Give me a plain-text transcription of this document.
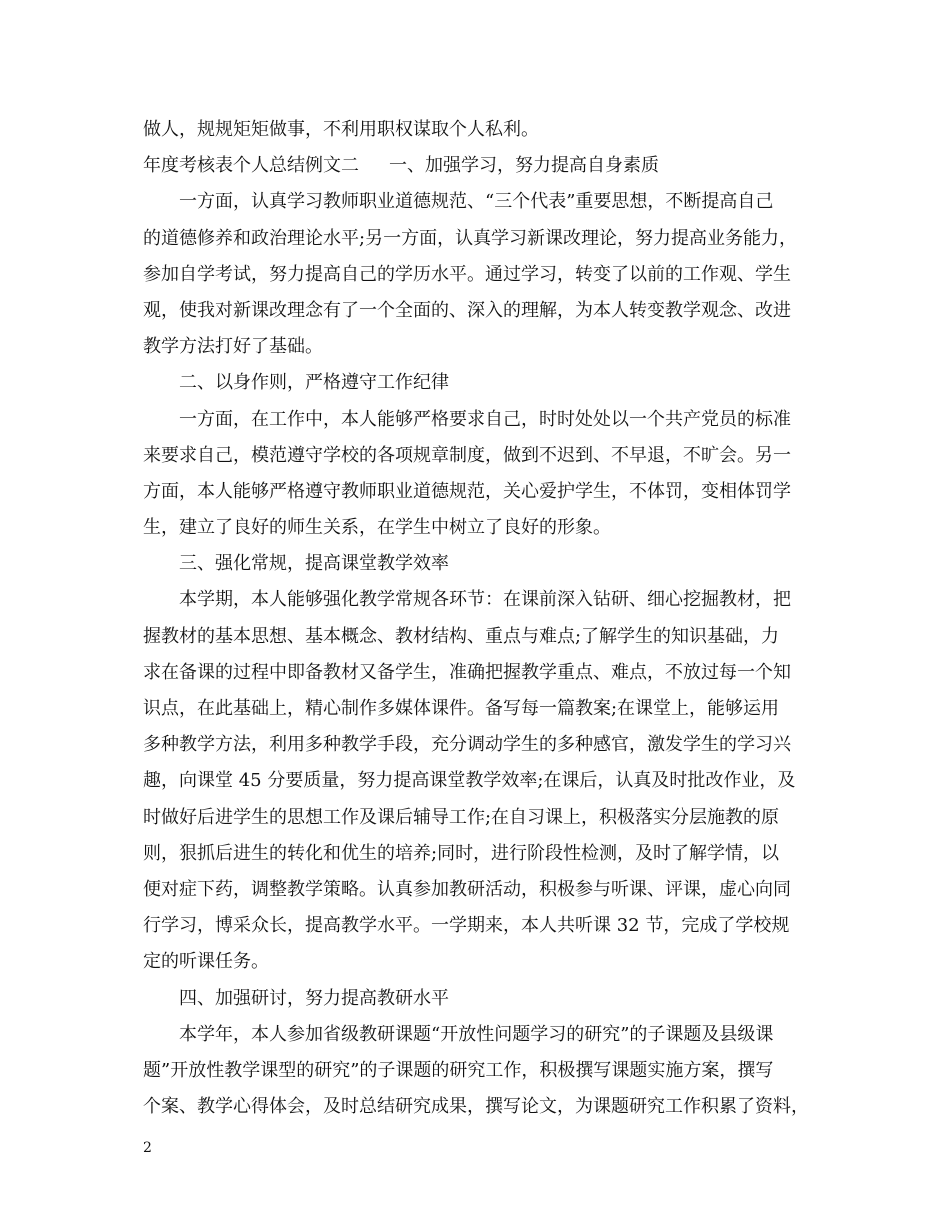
做人，规规矩矩做事，不利用职权谋取个人私利。
年度考核表个人总结例文二 一、加强学习，努力提高自身素质
一方面，认真学习教师职业道德规范、“三个代表”重要思想，不断提高自己
的道德修养和政治理论水平;另一方面，认真学习新课改理论，努力提高业务能力，
参加自学考试，努力提高自己的学历水平。通过学习，转变了以前的工作观、学生
观，使我对新课改理念有了一个全面的、深入的理解，为本人转变教学观念、改进
教学方法打好了基础。
二、以身作则，严格遵守工作纪律
一方面，在工作中，本人能够严格要求自己，时时处处以一个共产党员的标准
来要求自己，模范遵守学校的各项规章制度，做到不迟到、不早退，不旷会。另一
方面，本人能够严格遵守教师职业道德规范，关心爱护学生，不体罚，变相体罚学
生，建立了良好的师生关系，在学生中树立了良好的形象。
三、强化常规，提高课堂教学效率
本学期，本人能够强化教学常规各环节：在课前深入钻研、细心挖掘教材，把
握教材的基本思想、基本概念、教材结构、重点与难点;了解学生的知识基础，力
求在备课的过程中即备教材又备学生，准确把握教学重点、难点，不放过每一个知
识点，在此基础上，精心制作多媒体课件。备写每一篇教案;在课堂上，能够运用
多种教学方法，利用多种教学手段，充分调动学生的多种感官，激发学生的学习兴
趣，向课堂 45 分要质量，努力提高课堂教学效率;在课后，认真及时批改作业，及
时做好后进学生的思想工作及课后辅导工作;在自习课上，积极落实分层施教的原
则，狠抓后进生的转化和优生的培养;同时，进行阶段性检测，及时了解学情，以
便对症下药，调整教学策略。认真参加教研活动，积极参与听课、评课，虚心向同
行学习，博采众长，提高教学水平。一学期来，本人共听课 32 节，完成了学校规
定的听课任务。
四、加强研讨，努力提高教研水平
本学年，本人参加省级教研课题“开放性问题学习的研究”的子课题及县级课
题”开放性教学课型的研究”的子课题的研究工作，积极撰写课题实施方案，撰写
个案、教学心得体会，及时总结研究成果，撰写论文，为课题研究工作积累了资料，
2
